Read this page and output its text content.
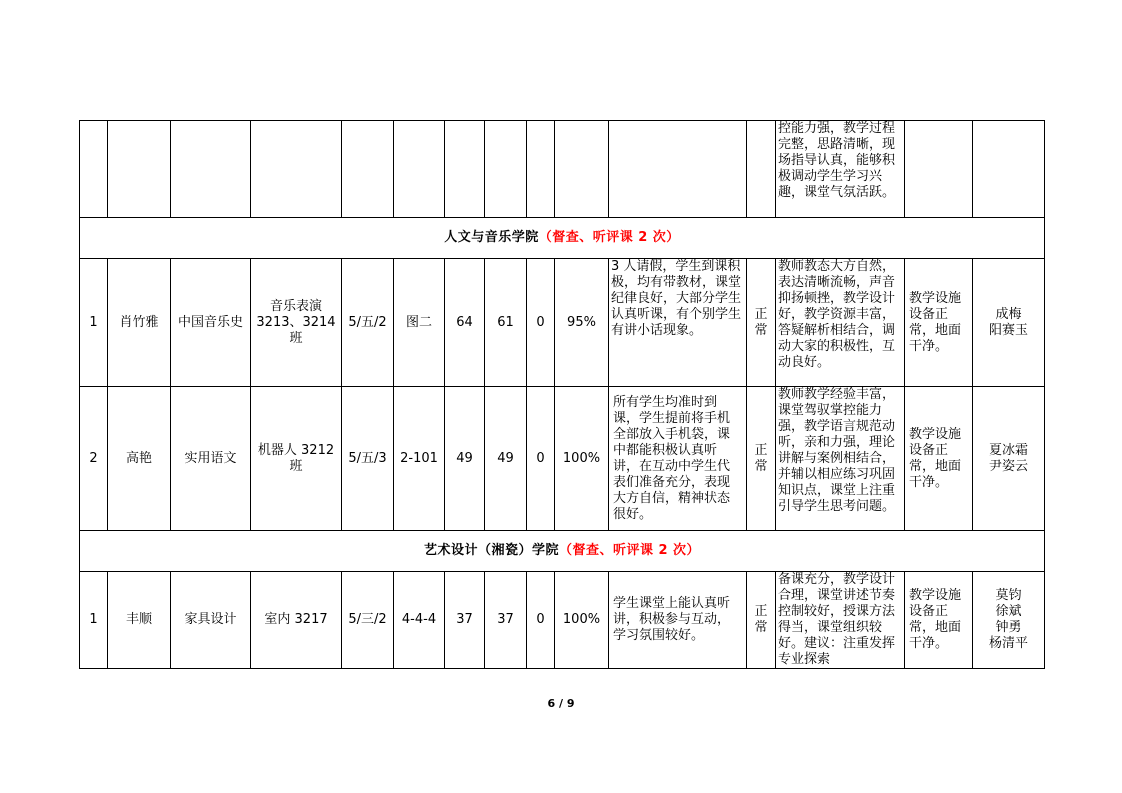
												控能力强，教学过程完整，思路清晰，现场指导认真，能够积极调动学生学习兴趣，课堂气氛活跃。		
人文与音乐学院（督查、听评课 2 次）														
1	肖竹雅	中国音乐史	音乐表演3213、3214班	5/五/2	图二	64	61	0	95%	3 人请假，学生到课积极，均有带教材，课堂纪律良好，大部分学生认真听课，有个别学生有讲小话现象。	正常	教师教态大方自然，表达清晰流畅，声音抑扬顿挫，教学设计好，教学资源丰富，答疑解析相结合，调动大家的积极性，互动良好。	教学设施设备正常，地面干净。	成梅
阳赛玉
2	高艳	实用语文	机器人 3212班	5/五/3	2-101	49	49	0	100%	所有学生均准时到课，学生提前将手机全部放入手机袋，课中都能积极认真听讲，在互动中学生代表们准备充分，表现大方自信，精神状态很好。	正常	教师教学经验丰富，课堂驾驭掌控能力强，教学语言规范动听，亲和力强，理论讲解与案例相结合，并辅以相应练习巩固知识点，课堂上注重引导学生思考问题。	教学设施设备正常，地面干净。	夏冰霜
尹姿云
艺术设计（湘瓷）学院（督查、听评课 2 次）														
1	丰顺	家具设计	室内 3217	5/三/2	4-4-4	37	37	0	100%	学生课堂上能认真听讲，积极参与互动，学习氛围较好。	正常	备课充分，教学设计合理，课堂讲述节奏控制较好，授课方法得当，课堂组织较好。建议：注重发挥专业探索	教学设施设备正常，地面干净。	莫钧
徐斌
钟勇
杨清平
6 / 9
